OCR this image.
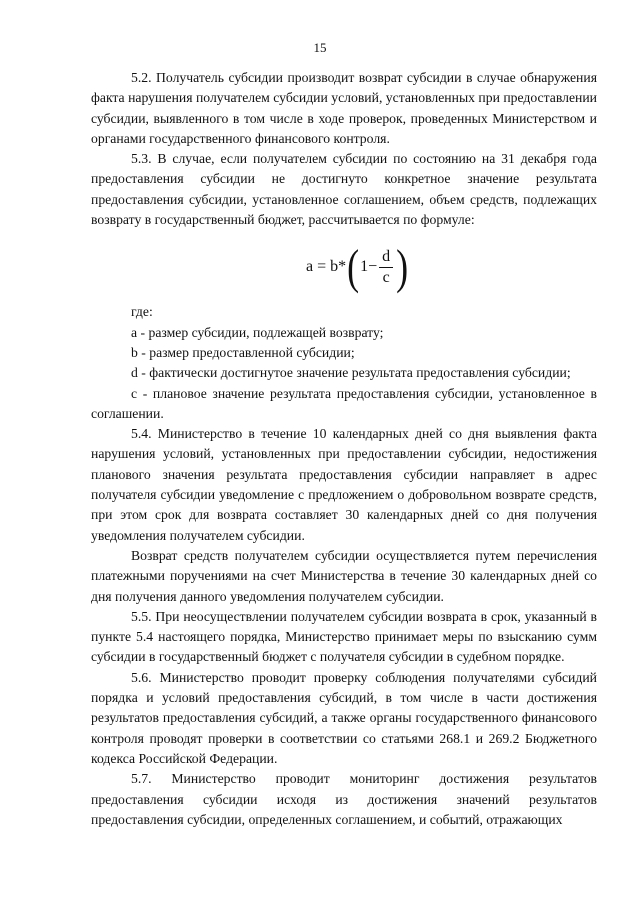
15

5.2. Получатель субсидии производит возврат субсидии в случае обнаружения факта нарушения получателем субсидии условий, установленных при предоставлении субсидии, выявленного в том числе в ходе проверок, проведенных Министерством и органами государственного финансового контроля.

5.3. В случае, если получателем субсидии по состоянию на 31 декабря года предоставления субсидии не достигнуто конкретное значение результата предоставления субсидии, установленное соглашением, объем средств, подлежащих возврату в государственный бюджет, рассчитывается по формуле:

a
=
b * ( $1 - \frac{d}{c}$ )

где:

a - размер субсидии, подлежащей возврату;

b - размер предоставленной субсидии;

d - фактически достигнутое значение результата предоставления субсидии;

c - плановое значение результата предоставления субсидии, установленное в соглашении.

5.4. Министерство в течение 10 календарных дней со дня выявления факта нарушения условий, установленных при предоставлении субсидии, недостижения планового значения результата предоставления субсидии направляет в адрес получателя субсидии уведомление с предложением о добровольном возврате средств, при этом срок для возврата составляет 30 календарных дней со дня получения уведомления получателем субсидии.

Возврат средств получателем субсидии осуществляется путем перечисления платежными поручениями на счет Министерства в течение 30 календарных дней со дня получения данного уведомления получателем субсидии.

5.5. При неосуществлении получателем субсидии возврата в срок, указанный в пункте 5.4 настоящего порядка, Министерство принимает меры по взысканию сумм субсидии в государственный бюджет с получателя субсидии в судебном порядке.

5.6. Министерство проводит проверку соблюдения получателями субсидий порядка и условий предоставления субсидий, в том числе в части достижения результатов предоставления субсидий, а также органы государственного финансового контроля проводят проверки в соответствии со статьями 268.1 и 269.2 Бюджетного кодекса Российской Федерации.

5.7. Министерство проводит мониторинг достижения результатов предоставления субсидии исходя из достижения значений результатов предоставления субсидии, определенных соглашением, и событий, отражающих
